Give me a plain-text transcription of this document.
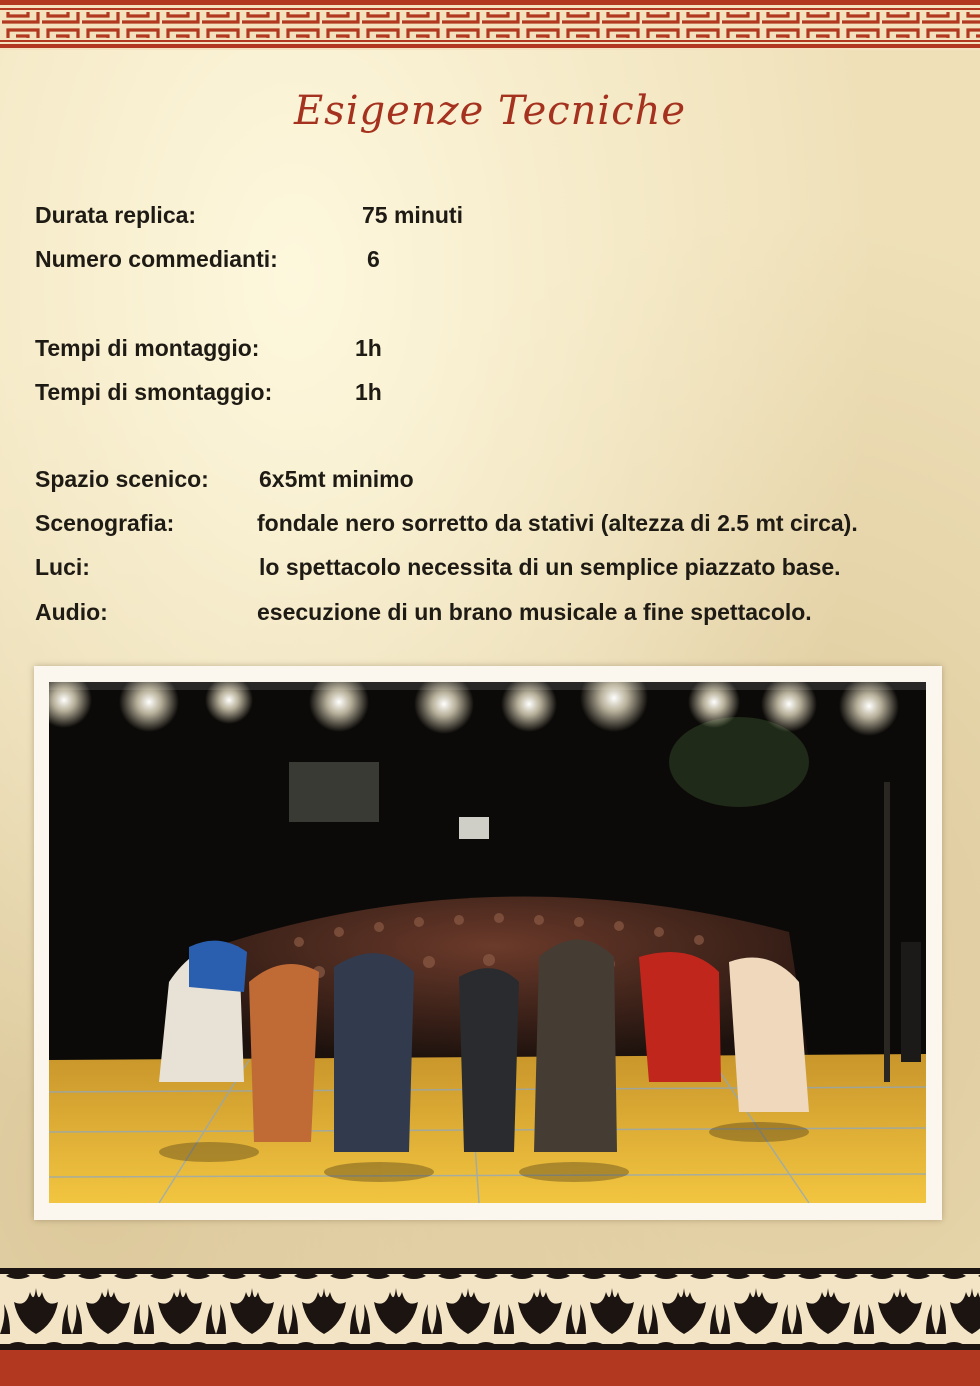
Esigenze Tecniche
Durata replica:	75 minuti
Numero commedianti:	6
Tempi di montaggio:	1h
Tempi di smontaggio:	1h
Spazio scenico: 6x5mt minimo
Scenografia:	fondale nero sorretto da stativi (altezza di 2.5 mt circa).
Luci:	lo spettacolo necessita di un semplice piazzato base.
Audio:	esecuzione di un brano musicale a fine spettacolo.
